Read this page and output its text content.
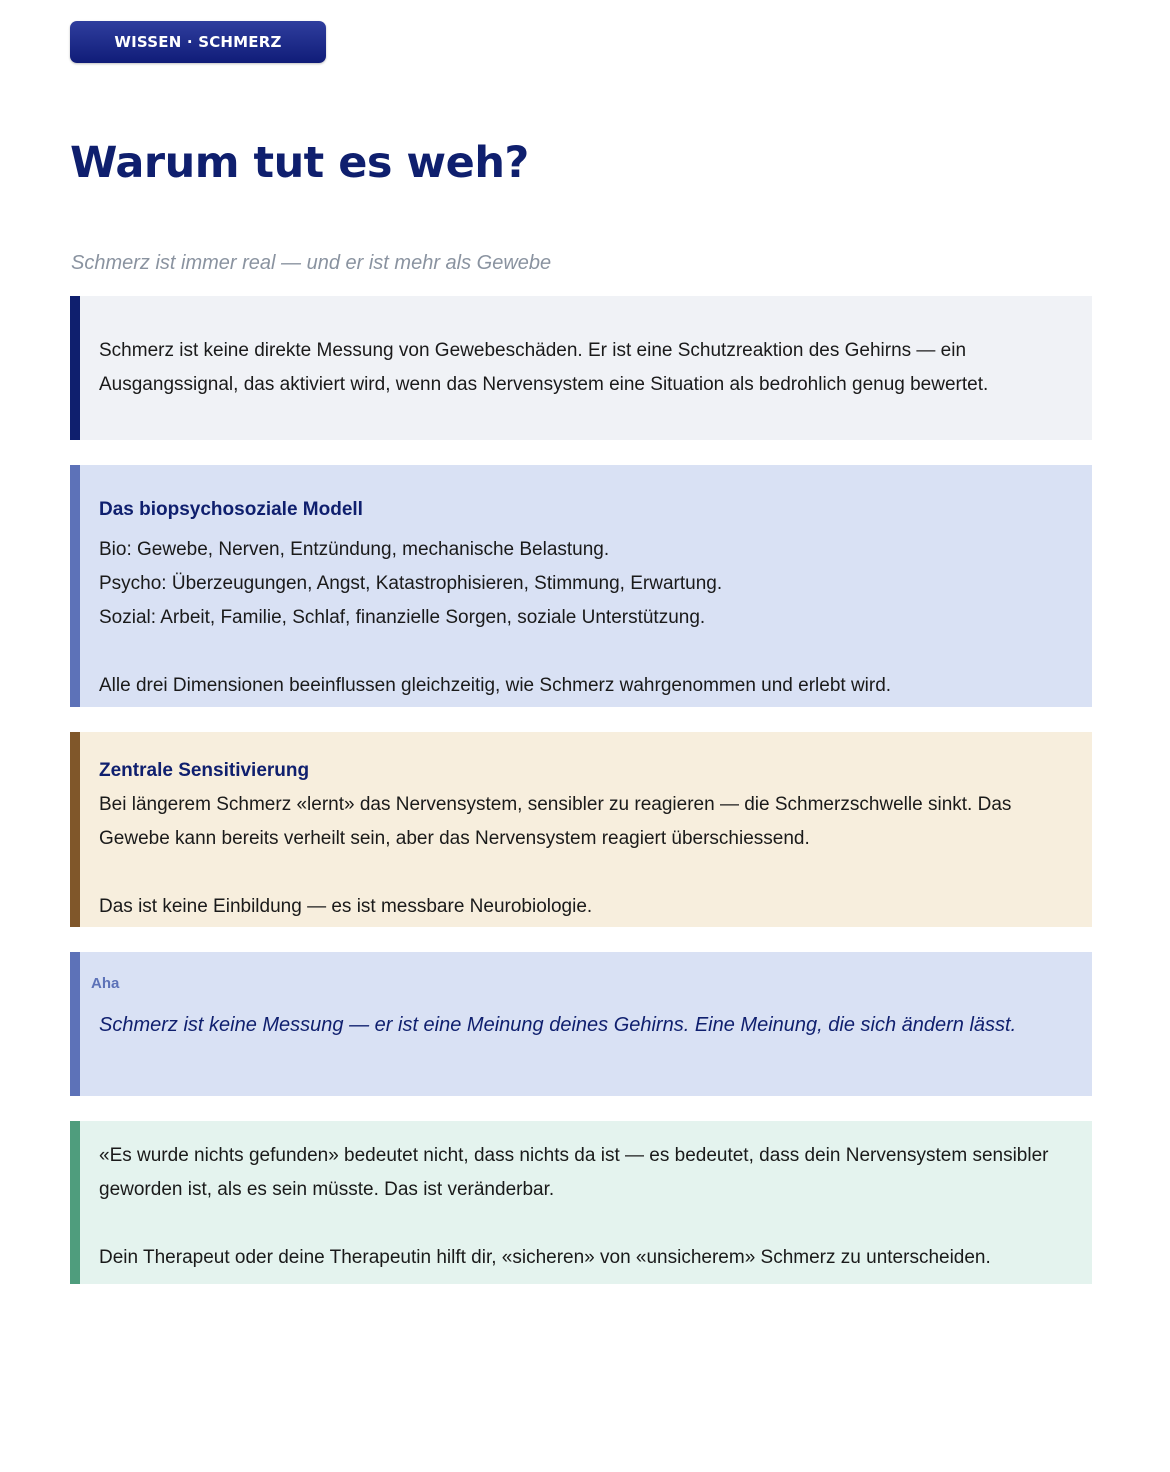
WISSEN · SCHMERZ
Warum tut es weh?

Schmerz ist immer real — und er ist mehr als Gewebe

Schmerz ist keine direkte Messung von Gewebeschäden. Er ist eine Schutzreaktion des Gehirns — ein Ausgangssignal, das aktiviert wird, wenn das Nervensystem eine Situation als bedrohlich genug bewertet.

Das biopsychosoziale Modell

Bio: Gewebe, Nerven, Entzündung, mechanische Belastung.

Psycho: Überzeugungen, Angst, Katastrophisieren, Stimmung, Erwartung.

Sozial: Arbeit, Familie, Schlaf, finanzielle Sorgen, soziale Unterstützung.

Alle drei Dimensionen beeinflussen gleichzeitig, wie Schmerz wahrgenommen und erlebt wird.

Zentrale Sensitivierung

Bei längerem Schmerz «lernt» das Nervensystem, sensibler zu reagieren — die Schmerzschwelle sinkt. Das Gewebe kann bereits verheilt sein, aber das Nervensystem reagiert überschiessend.

Das ist keine Einbildung — es ist messbare Neurobiologie.

Aha

Schmerz ist keine Messung — er ist eine Meinung deines Gehirns. Eine Meinung, die sich ändern lässt.

«Es wurde nichts gefunden» bedeutet nicht, dass nichts da ist — es bedeutet, dass dein Nervensystem sensibler geworden ist, als es sein müsste. Das ist veränderbar.

Dein Therapeut oder deine Therapeutin hilft dir, «sicheren» von «unsicherem» Schmerz zu unterscheiden.
